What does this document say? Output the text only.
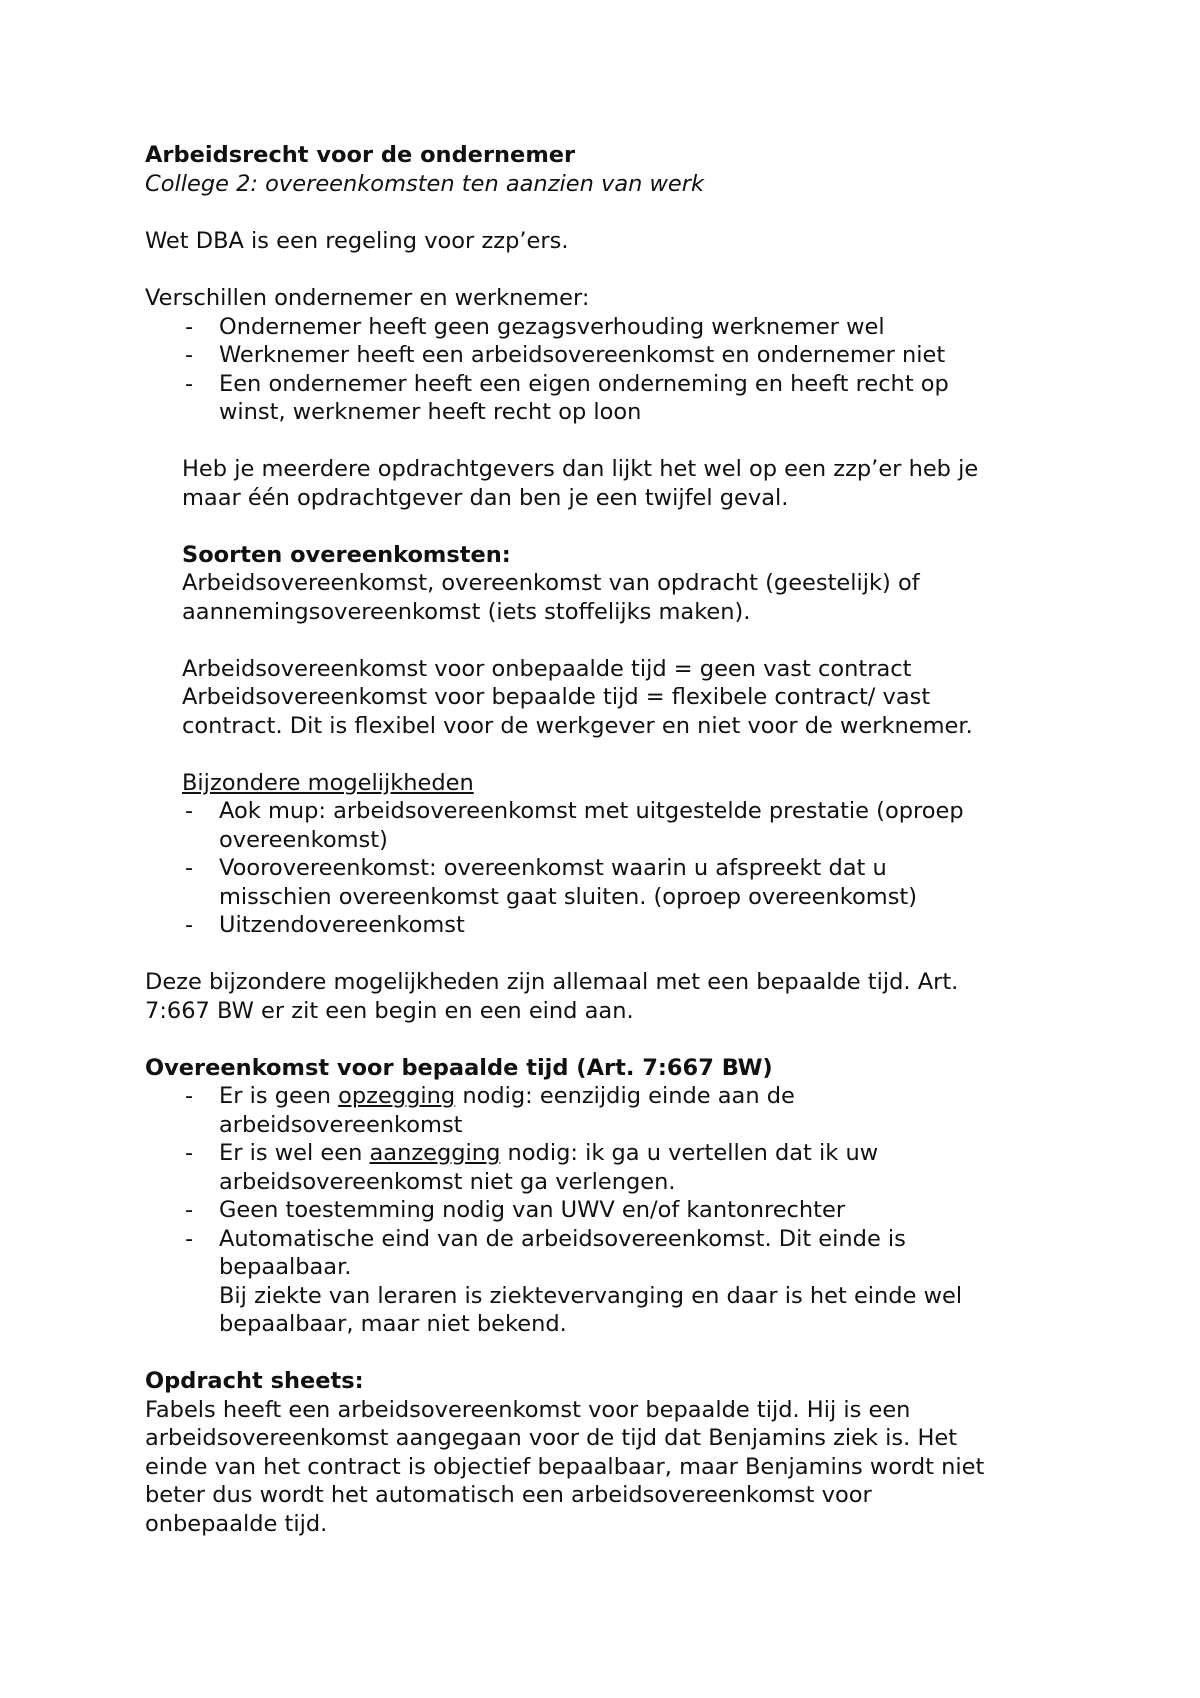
Arbeidsrecht voor de ondernemer
College 2: overeenkomsten ten aanzien van werk
Wet DBA is een regeling voor zzp’ers.
Verschillen ondernemer en werknemer:
- Ondernemer heeft geen gezagsverhouding werknemer wel
- Werknemer heeft een arbeidsovereenkomst en ondernemer niet
- Een ondernemer heeft een eigen onderneming en heeft recht op
winst, werknemer heeft recht op loon
Heb je meerdere opdrachtgevers dan lijkt het wel op een zzp’er heb je
maar één opdrachtgever dan ben je een twijfel geval.
Soorten overeenkomsten:
Arbeidsovereenkomst, overeenkomst van opdracht (geestelijk) of
aannemingsovereenkomst (iets stoffelijks maken).
Arbeidsovereenkomst voor onbepaalde tijd = geen vast contract
Arbeidsovereenkomst voor bepaalde tijd = flexibele contract/ vast
contract. Dit is flexibel voor de werkgever en niet voor de werknemer.
Bijzondere mogelijkheden
- Aok mup: arbeidsovereenkomst met uitgestelde prestatie (oproep
overeenkomst)
- Voorovereenkomst: overeenkomst waarin u afspreekt dat u
misschien overeenkomst gaat sluiten. (oproep overeenkomst)
- Uitzendovereenkomst
Deze bijzondere mogelijkheden zijn allemaal met een bepaalde tijd. Art.
7:667 BW er zit een begin en een eind aan.
Overeenkomst voor bepaalde tijd (Art. 7:667 BW)
- Er is geen opzegging nodig: eenzijdig einde aan de
arbeidsovereenkomst
- Er is wel een aanzegging nodig: ik ga u vertellen dat ik uw
arbeidsovereenkomst niet ga verlengen.
- Geen toestemming nodig van UWV en/of kantonrechter
- Automatische eind van de arbeidsovereenkomst. Dit einde is
bepaalbaar.
Bij ziekte van leraren is ziektevervanging en daar is het einde wel
bepaalbaar, maar niet bekend.
Opdracht sheets:
Fabels heeft een arbeidsovereenkomst voor bepaalde tijd. Hij is een
arbeidsovereenkomst aangegaan voor de tijd dat Benjamins ziek is. Het
einde van het contract is objectief bepaalbaar, maar Benjamins wordt niet
beter dus wordt het automatisch een arbeidsovereenkomst voor
onbepaalde tijd.
